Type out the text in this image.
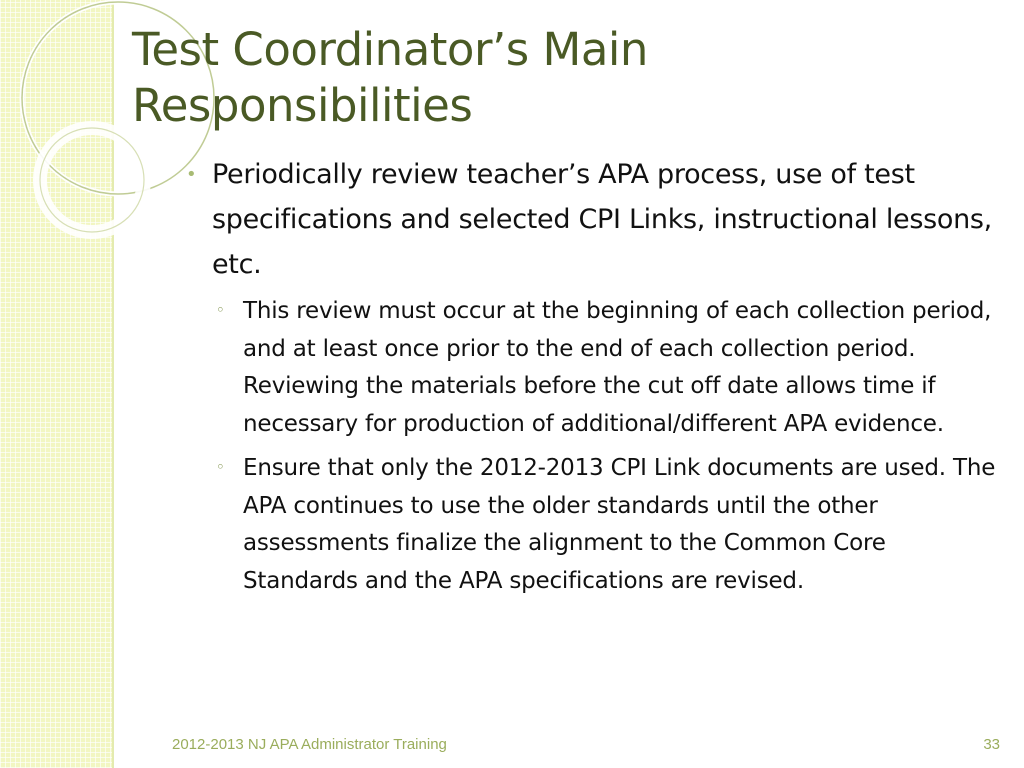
Test Coordinator’s Main
Responsibilities
• Periodically review teacher’s APA process, use of test specifications and selected CPI Links, instructional lessons, etc.
◦ This review must occur at the beginning of each collection period, and at least once prior to the end of each collection period. Reviewing the materials before the cut off date allows time if necessary for production of additional/different APA evidence.
◦ Ensure that only the 2012-2013 CPI Link documents are used. The APA continues to use the older standards until the other assessments finalize the alignment to the Common Core Standards and the APA specifications are revised.
2012-2013 NJ APA Administrator Training	33
